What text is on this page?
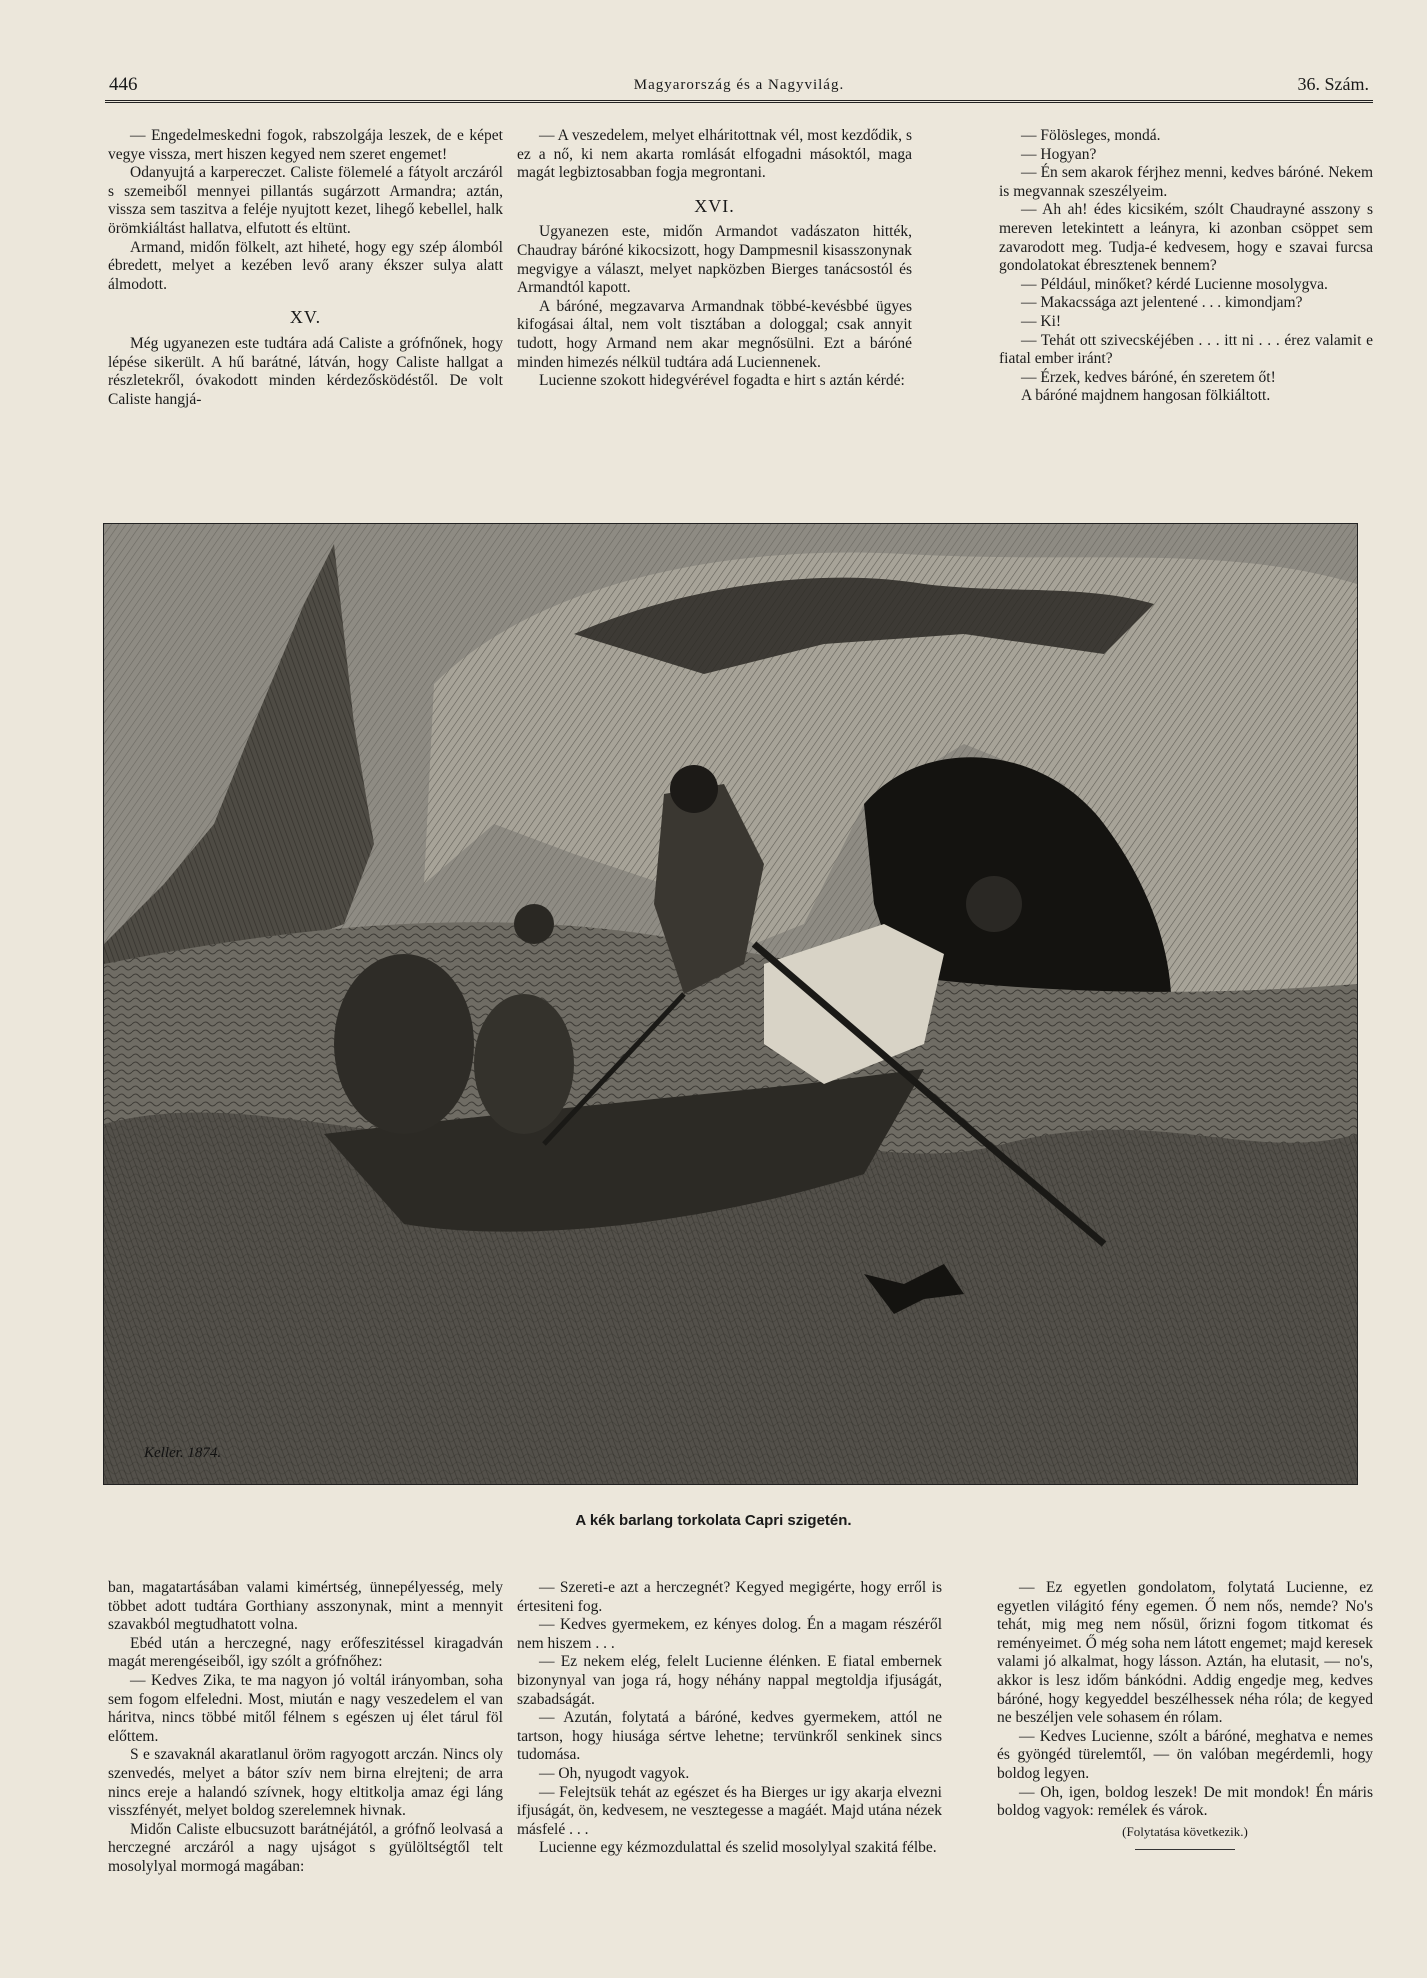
446	Magyarország és a Nagyvilág.	36. Szám.

— Engedelmeskedni fogok, rabszolgája leszek, de e képet vegye vissza, mert hiszen kegyed nem szeret engemet!

Odanyujtá a karpereczet. Caliste fölemelé a fátyolt arczáról s szemeiből mennyei pillantás sugárzott Armandra; aztán, vissza sem taszitva a feléje nyujtott kezet, lihegő kebellel, halk örömkiáltást hallatva, elfutott és eltünt.

Armand, midőn fölkelt, azt hiheté, hogy egy szép álomból ébredett, melyet a kezében levő arany ékszer sulya alatt álmodott.

XV.

Még ugyanezen este tudtára adá Caliste a grófnőnek, hogy lépése sikerült. A hű barátné, látván, hogy Caliste hallgat a részletekről, óvakodott minden kérdezősködéstől. De volt Caliste hangjá-

— A veszedelem, melyet elháritottnak vél, most kezdődik, s ez a nő, ki nem akarta romlását elfogadni másoktól, maga magát legbiztosabban fogja megrontani.

XVI.

Ugyanezen este, midőn Armandot vadászaton hitték, Chaudray báróné kikocsizott, hogy Dampmesnil kisasszonynak megvigye a választ, melyet napközben Bierges tanácsostól és Armandtól kapott.

A báróné, megzavarva Armandnak többé-kevésbbé ügyes kifogásai által, nem volt tisztában a dologgal; csak annyit tudott, hogy Armand nem akar megnősülni. Ezt a báróné minden himezés nélkül tudtára adá Luciennenek.

Lucienne szokott hidegvérével fogadta e hirt s aztán kérdé:

— Fölösleges, mondá.

— Hogyan?

— Én sem akarok férjhez menni, kedves báróné. Nekem is megvannak szeszélyeim.

— Ah ah! édes kicsikém, szólt Chaudrayné asszony s mereven letekintett a leányra, ki azonban csöppet sem zavarodott meg. Tudja-é kedvesem, hogy e szavai furcsa gondolatokat ébresztenek bennem?

— Például, minőket? kérdé Lucienne mosolygva.

— Makacssága azt jelentené . . . kimondjam?

— Ki!

— Tehát ott szivecskéjében . . . itt ni . . . érez valamit e fiatal ember iránt?

— Érzek, kedves báróné, én szeretem őt!

A báróné majdnem hangosan fölkiáltott.

Keller. 1874.
A kék barlang torkolata Capri szigetén.

ban, magatartásában valami kimértség, ünnepélyesség, mely többet adott tudtára Gorthiany asszonynak, mint a mennyit szavakból megtudhatott volna.

Ebéd után a herczegné, nagy erőfeszitéssel kiragadván magát merengéseiből, igy szólt a grófnőhez:

— Kedves Zika, te ma nagyon jó voltál irányomban, soha sem fogom elfeledni. Most, miután e nagy veszedelem el van háritva, nincs többé mitől félnem s egészen uj élet tárul föl előttem.

S e szavaknál akaratlanul öröm ragyogott arczán. Nincs oly szenvedés, melyet a bátor szív nem birna elrejteni; de arra nincs ereje a halandó szívnek, hogy eltitkolja amaz égi láng visszfényét, melyet boldog szerelemnek hivnak.

Midőn Caliste elbucsuzott barátnéjától, a grófnő leolvasá a herczegné arczáról a nagy ujságot s gyülöltségtől telt mosolylyal mormogá magában:

— Szereti-e azt a herczegnét? Kegyed megigérte, hogy erről is értesiteni fog.

— Kedves gyermekem, ez kényes dolog. Én a magam részéről nem hiszem . . .

— Ez nekem elég, felelt Lucienne élénken. E fiatal embernek bizonynyal van joga rá, hogy néhány nappal megtoldja ifjuságát, szabadságát.

— Azután, folytatá a báróné, kedves gyermekem, attól ne tartson, hogy hiusága sértve lehetne; tervünkről senkinek sincs tudomása.

— Oh, nyugodt vagyok.

— Felejtsük tehát az egészet és ha Bierges ur igy akarja elvezni ifjuságát, ön, kedvesem, ne vesztegesse a magáét. Majd utána nézek másfelé . . .

Lucienne egy kézmozdulattal és szelid mosolylyal szakitá félbe.

— Ez egyetlen gondolatom, folytatá Lucienne, ez egyetlen világitó fény egemen. Ő nem nős, nemde? No's tehát, mig meg nem nősül, őrizni fogom titkomat és reményeimet. Ő még soha nem látott engemet; majd keresek valami jó alkalmat, hogy lásson. Aztán, ha elutasit, — no's, akkor is lesz időm bánkódni. Addig engedje meg, kedves báróné, hogy kegyeddel beszélhessek néha róla; de kegyed ne beszéljen vele sohasem én rólam.

— Kedves Lucienne, szólt a báróné, meghatva e nemes és gyöngéd türelemtől, — ön valóban megérdemli, hogy boldog legyen.

— Oh, igen, boldog leszek! De mit mondok! Én máris boldog vagyok: remélek és várok.

(Folytatása következik.)
